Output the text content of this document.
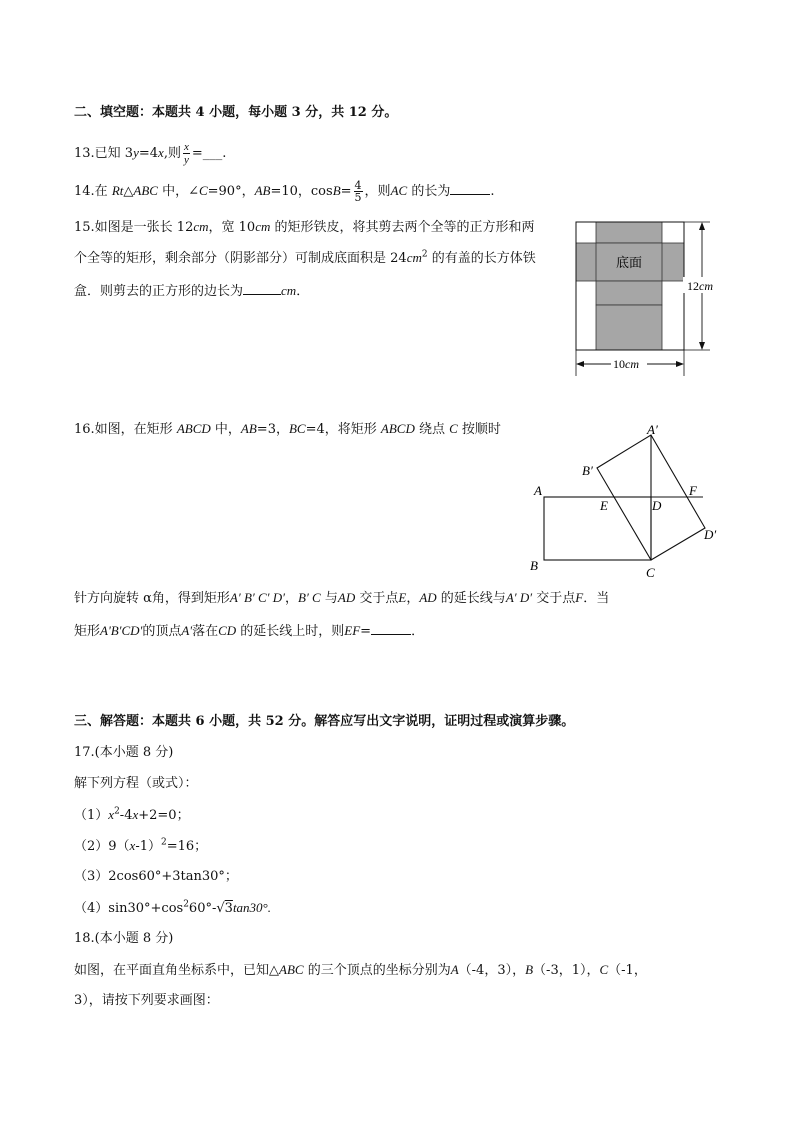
二、填空题：本题共 4 小题，每小题 3 分，共 12 分。
13.已知 3y=4x,则 $\frac{x}{y}$ =___.
14.在 Rt△ABC 中，∠C=90°，AB=10，$\cos B= \frac{4}{5}$ ，则AC 的长为	.
15.如图是一张长 12cm，宽 10cm 的矩形铁皮，将其剪去两个全等的正方形和两
个全等的矩形，剩余部分（阴影部分）可制成底面积是 $24cm^2$ 的有盖的长方体铁
盒．则剪去的正方形的边长为	cm．
底面
12cm
10cm
16.如图，在矩形 ABCD 中，AB=3，BC=4，将矩形 ABCD 绕点 C 按顺时	A′
B′
A
E	D
F
D′
B	C
针方向旋转 α角，得到矩形A′ B′ C′ D′，B′ C 与AD 交于点E，AD 的延长线与A′ D′ 交于点F．当
矩形A'B'CD'的顶点A'落在CD 的延长线上时，则EF=	．
三、解答题：本题共 6 小题，共 52 分。解答应写出文字说明，证明过程或演算步骤。
17.(本小题 8 分)
解下列方程（或式）：
$(1)x^2-4x+2=0$；
$(2)9(x-1)^2=16$；
（3）2cos60°+3tan30°；
$(4)\sin 30^\circ+\cos^260^\circ-√3\tan 30^\circ$.
18.(本小题 8 分)
如图，在平面直角坐标系中，已知△ABC 的三个顶点的坐标分别为A（-4，3），B（-3，1），C（-1，
3），请按下列要求画图：
